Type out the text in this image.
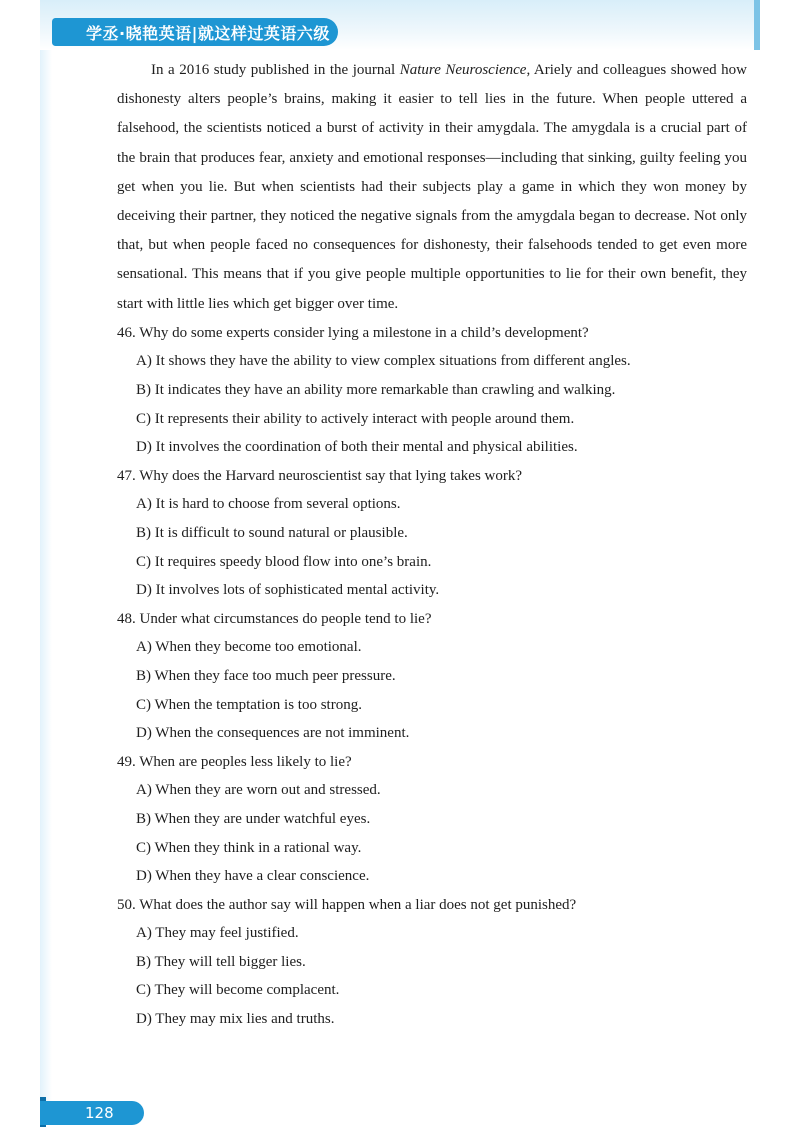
学丞·晓艳英语|就这样过英语六级

In a 2016 study published in the journal Nature Neuroscience, Ariely and colleagues showed how dishonesty alters people’s brains, making it easier to tell lies in the future. When people uttered a falsehood, the scientists noticed a burst of activity in their amygdala. The amygdala is a crucial part of the brain that produces fear, anxiety and emotional responses—including that sinking, guilty feeling you get when you lie. But when scientists had their subjects play a game in which they won money by deceiving their partner, they noticed the negative signals from the amygdala began to decrease. Not only that, but when people faced no consequences for dishonesty, their falsehoods tended to get even more sensational. This means that if you give people multiple opportunities to lie for their own benefit, they start with little lies which get bigger over time.

46. Why do some experts consider lying a milestone in a child’s development?
A) It shows they have the ability to view complex situations from different angles.
B) It indicates they have an ability more remarkable than crawling and walking.
C) It represents their ability to actively interact with people around them.
D) It involves the coordination of both their mental and physical abilities.
47. Why does the Harvard neuroscientist say that lying takes work?
A) It is hard to choose from several options.
B) It is difficult to sound natural or plausible.
C) It requires speedy blood flow into one’s brain.
D) It involves lots of sophisticated mental activity.
48. Under what circumstances do people tend to lie?
A) When they become too emotional.
B) When they face too much peer pressure.
C) When the temptation is too strong.
D) When the consequences are not imminent.
49. When are peoples less likely to lie?
A) When they are worn out and stressed.
B) When they are under watchful eyes.
C) When they think in a rational way.
D) When they have a clear conscience.
50. What does the author say will happen when a liar does not get punished?
A) They may feel justified.
B) They will tell bigger lies.
C) They will become complacent.
D) They may mix lies and truths.
128
